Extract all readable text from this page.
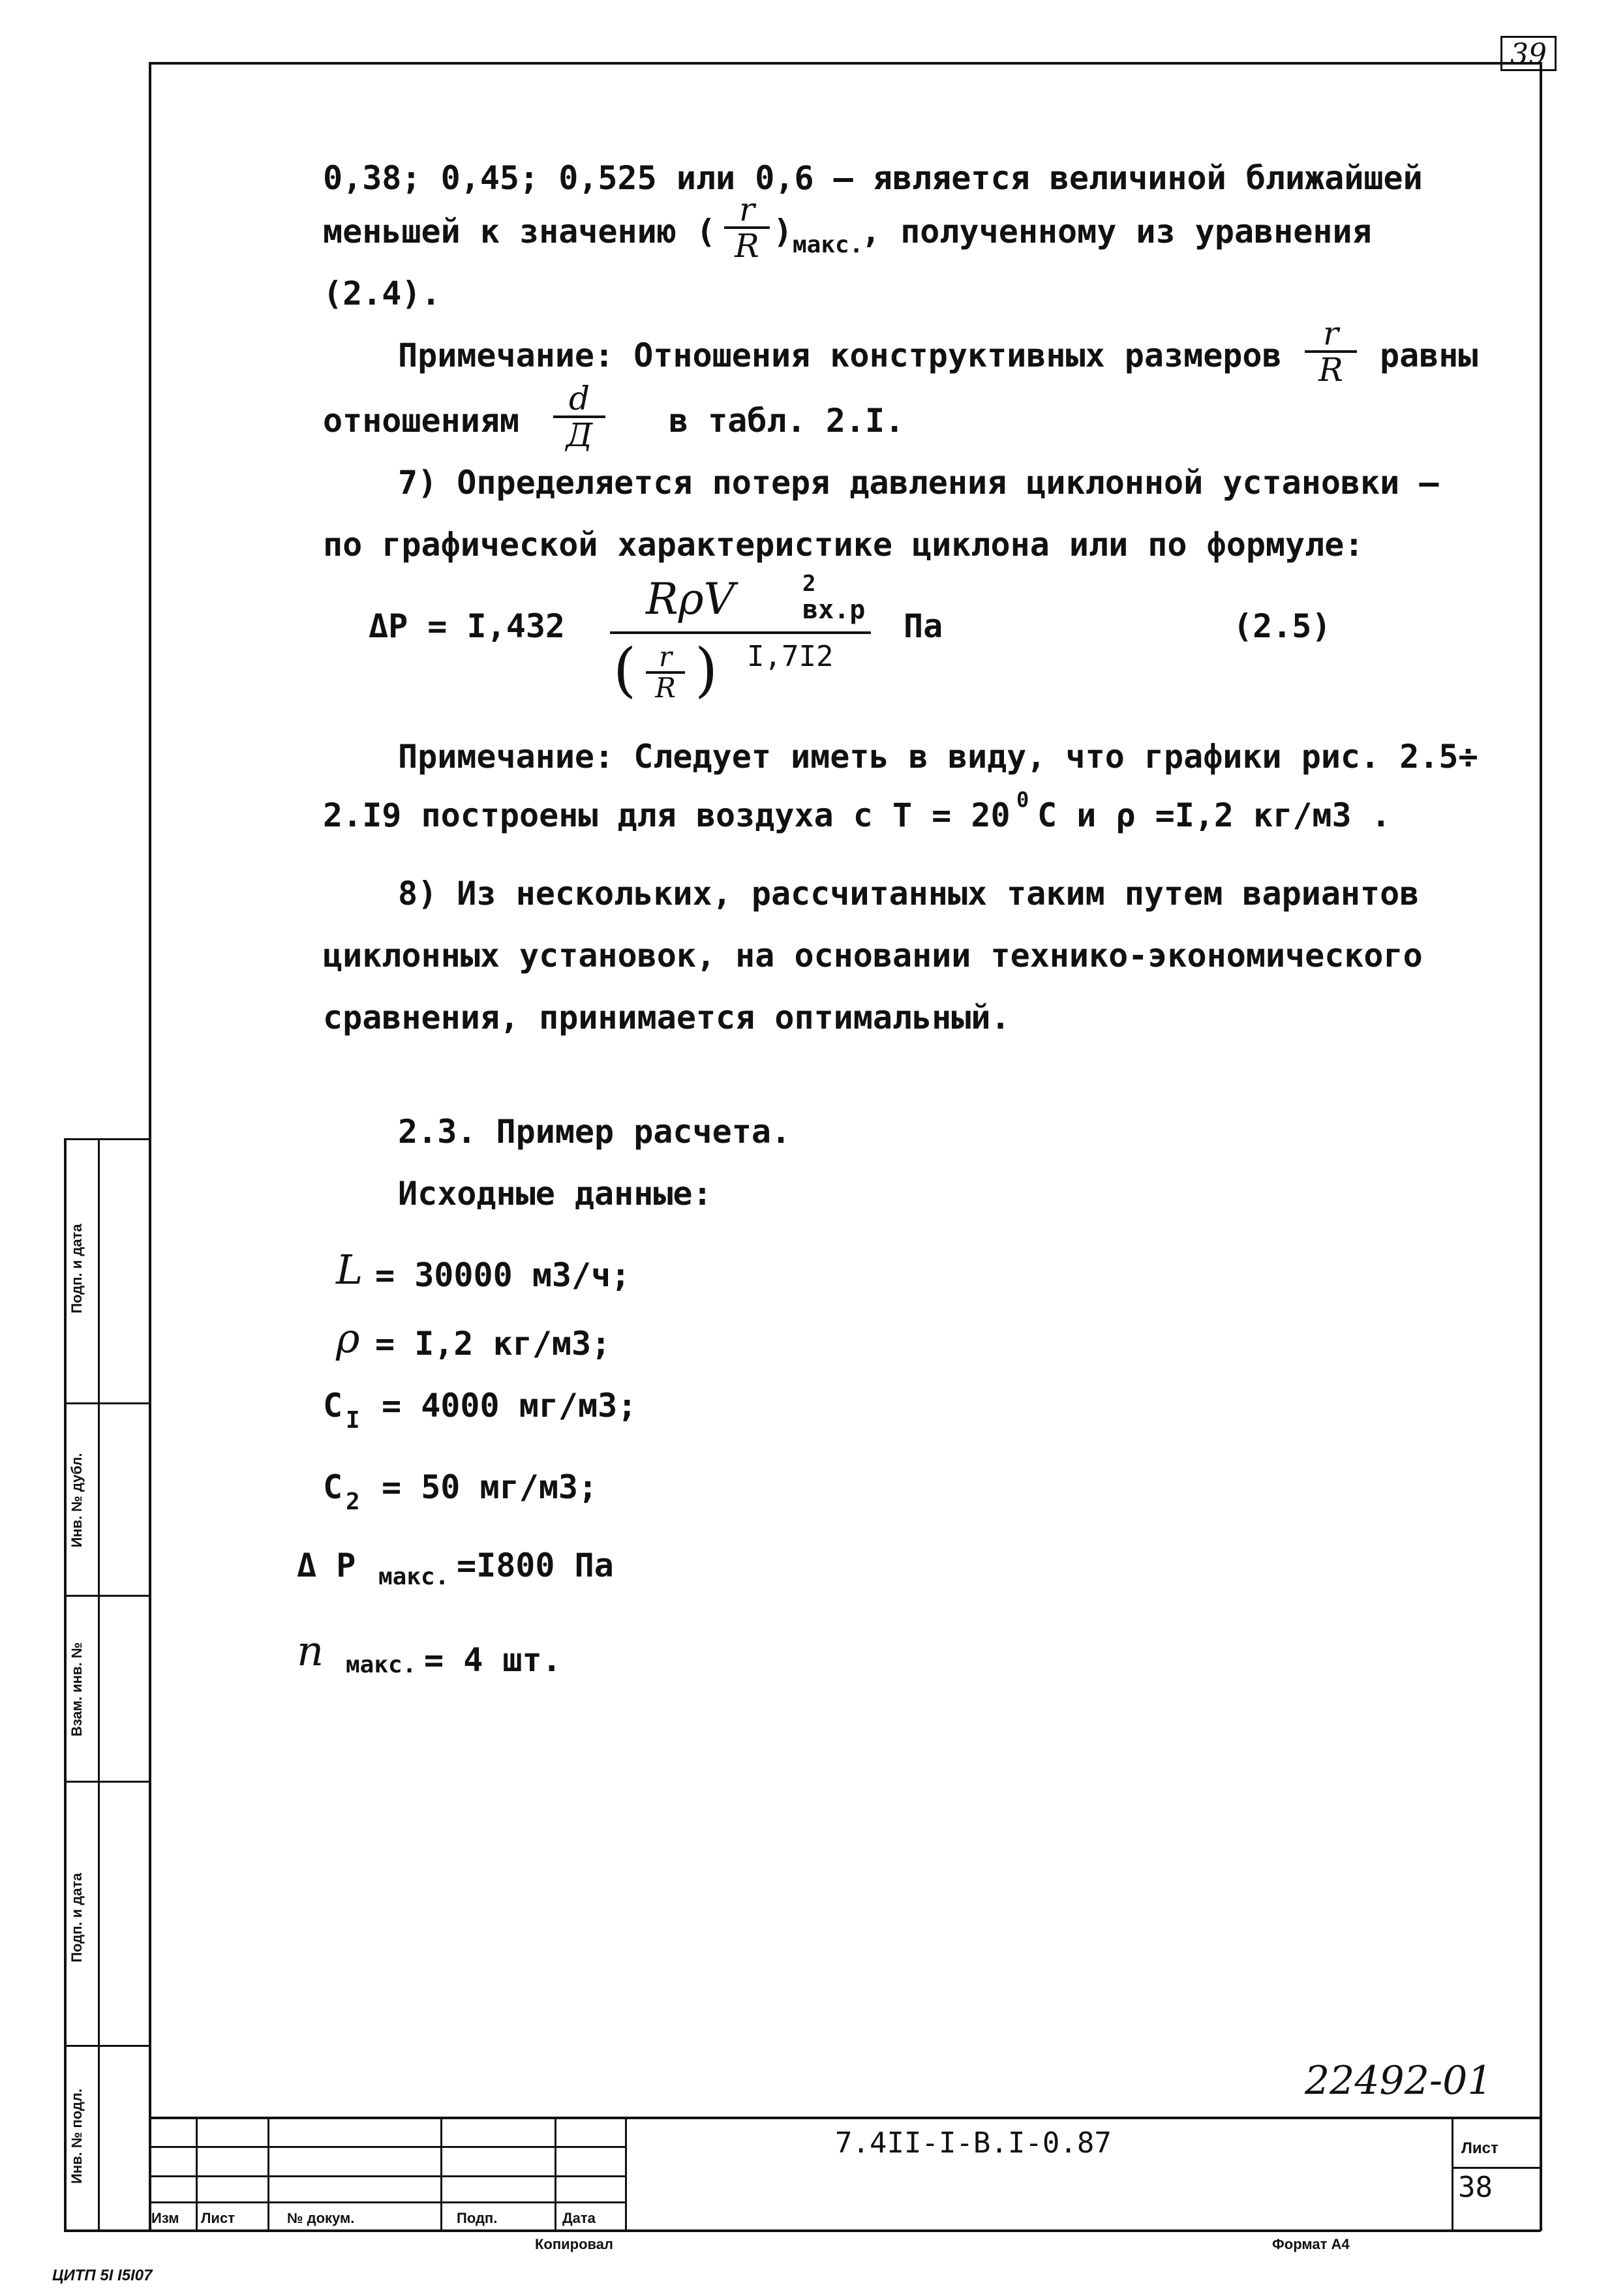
39
Подп. и дата
Инв. № дубл.
Взам. инв. №
Подп. и дата
Инв. № подл.
0,38; 0,45; 0,525 или 0,6 – является величиной ближайшей
меньшей к значению (
r
R ) макс.
, полученному из уравнения
(2.4).
Примечание: Отношения конструктивных размеров
r
R	равны
отношениям
d
Д	в табл. 2.I.
7) Определяется потеря давления циклонной установки –
по графической характеристике циклона или по формуле:
ΔP = I,432
RρV	2
вх.р
( r
R ) I,7I2
Па	(2.5)
Примечание: Следует иметь в виду, что графики рис. 2.5÷
2.I9 построены для воздуха с T = 20 0 C и ρ =I,2 кг/м3 .
8) Из нескольких, рассчитанных таким путем вариантов
циклонных установок, на основании технико-экономического
сравнения, принимается оптимальный.
2.3. Пример расчета.
Исходные данные:
L = 30000 м3/ч;
ρ = I,2 кг/м3;
C I = 4000 мг/м3;
C 2 = 50 мг/м3;
Δ P макс. =I800 Па
n макс. = 4 шт.
22492-01
Изм Лист	№ докум.	Подп.	Дата
7.4II-I-В.I-0.87	Лист
38
Копировал	Формат А4
ЦИТП 5I I5I07
